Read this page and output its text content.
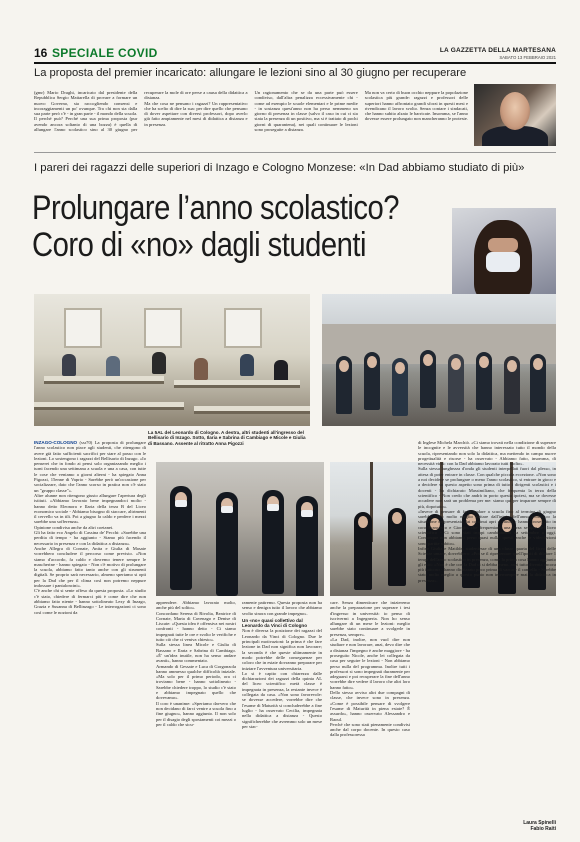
16 SPECIALE COVID	LA GAZZETTA DELLA MARTESANA
SABATO 13 FEBBRAIO 2021
La proposta del premier incaricato: allungare le lezioni sino al 30 giugno per recuperare

(gmr) Mario Draghi, incaricato dal presidente della Repubblica Sergio Mattarella di provare a formare un nuovo Governo, sta raccogliendo consensi e incoraggiamenti un po' ovunque. Tra chi non sta dalla sua parte però c'è - in gran parte - il mondo della scuola. Il perché può? Perché una sua prima proposta (pur avendo ancora soltanto di una bozza) è quella di allungare l'anno scolastico sino al 30 giugno per recuperare la mole di ore perse a causa della didattica a distanza.

Ma che cosa ne pensano i ragazzi? Un rappresentativo che ha scelto di dire la sua: per dire quello che pensano di dover aspettare con diversi professori, dopo averlo già fatto ampiamente nel mesi di didattica a distanza e in presenza.

Un ragionamento che se da una parte può essere condiviso, dall'altra penalizza eccessivamente chi - come ad esempio le scuole elementari e le prime medie - in sostanza quest'anno non ha perso nemmeno un giorno di presenza in classe (salvo il caso in cui ci sia stata la presenza di un positivo, ma si è trattato di pochi giorni di quarantena), nei quali continuare le lezioni sono proseguite a distanza.

Ma non va certo di buon occhio neppure la popolazione scolastica più grande: ragazzi e professori delle superiori hanno affrontato grandi sforzi in questi mesi e rivendicano il lavoro svolto. Senza contare i sindacati, che hanno subito alzato le barricate. Insomma, se l'anno dovesse essere prolungato non mancheranno le proteste.

I pareri dei ragazzi delle superiori di Inzago e Cologno Monzese: «In Dad abbiamo studiato di più»
Prolungare l’anno scolastico?
Coro di «no» dagli studenti
La 5AL del Leonardo di Cologno. A destra, altri studenti all'ingresso del Bellisario di Inzago. Sotto, Ilaria e Sabrina di Cambiago e Micole e Giulia di Bassano. Assente al ritratto Anna Pigozzi

INZAGO-COLOGNO (ssr70) La proposta di prolungare l'anno scolastico non piace agli studenti, che ritengono di avere già fatto sufficienti sacrifici per stare al passo con le lezioni. Lo sostengono i ragazzi del Bellisario di Inzago. «Io penserei che in fondo ai pensi solo organizzando meglio i turni facendo una settimana a scuola e una a casa, con tutte le cose che veniamo a giorni alterni - ha spiegato Anna Pigozzi, 15enne di Vaprio - Sarebbe però un'occasione per socializzare, dato che l'anno scorso in pratica non c'è stato un "gruppo classe"».

Altre alunne non ritengono giusto allungare l'apertura degli istituti. «Abbiamo lavorato bene impegnandoci molto - hanno detto Eleonora e Ilaria della terza B del Liceo economico sociale - Abbiamo bisogno di staccare, altrimenti il cervello va in tilt. Poi a giugno fa caldo e perdere i mezzi sarebbe una sofferenza».

Opinione condivisa anche da altri coetanei.

Gli ha fatto eco Angelo di Cassina de' Pecchi: «Sarebbe una perdita di tempo - ha aggiunto - Siamo più facendo il necessario in presenza e con la didattica a distanza».

Anche Allegra di Cornate, Anita e Giulia di Masate vorrebbero concludere il percorso come previsto. «Non siamo d'accordo, fa caldo e dovremo tenere sempre le mascherine - hanno spiegato - Non c'è motivo di prolungare la scuola, abbiamo fatto tanto anche con gli strumenti digitali. Se proprio sarà necessario, almeno speriamo si opti per la Dad che per il clima così non potremo neppure indossare i pantaloncini».

C'è anche chi si sente offeso da questa proposta. «Lo studio c'è stato, chiedere di fermarci più è come dire che non abbiamo fatto niente - hanno sottolineato Lexy di Inzago, Grazia e Susanna di Bellinzago - Le interrogazioni ci sono così come le nozioni da

apprendere. Abbiamo lavorato molto, anche più del solito».

Concordano Serena di Rivolta, Beatrice di Cornate, Marta di Cavenago e Denise di Liscate: «Questa idea è offensiva nei nostri confronti - hanno detto - Ci siamo impegnati tutte le ore e svolto le verifiche e tutto ciò che ci veniva chiesto».

Sulla stessa linea Micole e Giulia di Bassano e Ilaria e Sabrina di Cambiago. «È' un'idea inutile, non ha senso andare avanti», hanno commentato.

Armando di Gessate e Luca di Gorgonzola hanno ammesso qualche difficoltà iniziale. «Ma solo per il primo periodo, ora ci troviamo bene - hanno sottolineato - Sarebbe chiedere troppo, lo studio c'è stato e abbiamo impegnato quello che dovevamo».

Il coro è unanime: «Speriamo davvero che non decidano di farci venire a scuola fino a fine giugno», hanno aggiunto. Il non solo per il disagio degli spostamenti coi mezzi o per il caldo che sicu-

ramente patiremo. Questa proposta non ha senso e denigra tutto il lavoro che abbiamo svolto sinora con grande impegno».

Un «no» quasi collettivo dal Leonardo da Vinci di Cologno

Non è diversa la posizione dei ragazzi del Leonardo da Vinci di Cologno. Due le principali motivazioni: la prima è che fare lezione in Dad non significa non lavorare; la seconda è che queste ultimamente in modo potrebbe delle conseguenze per coloro che in estate dovranno preparare per iniziare l'avventura universitaria.

Lo si è capito con chiarezza dalle dichiarazioni dei ragazzi della quinta AL del liceo scientifico metà classe è impegnata in presenza, la restante invece è collegata da casa. «Non sono favorevole: se dovesse accedere, vorrebbe dire che l'esame di Maturità si concluderebbe a fine luglio - ha osservato Cecilia, impegnata nella didattica a distanza - Questo significherebbe che avremmo solo un mese per stac-

care. Senza dimenticare che inizieremo anche la preparazione per superare i test d'ingresso in università: io penso di iscrivermi a Ingegneria. Non ho senso allungare di un mese le lezioni: meglio sarebbe stato continuare a svolgerle in presenza, sempre».

«La Dad, inoltre, non vuol dire non studiare e non lavorare, anzi, devo dire che a distanza l'impegno è anche maggiore - ha proseguito Nicole, anche lei collegata da casa per seguire le lezioni - Non abbiamo perso nulla del programma. Inoltre tutti i professori si sono impegnati duramente per adeguarsi e poi recuperare la fine dell'anno vorrebbe dire vedere il lavoro che altri loro hanno fatto».

Dello stesso avviso altri due compagni di classe, che invece sono in presenza. «Come è possibile pensare di svolgere l'esame di Maturità in piena estate? È assurdo», hanno osservato Alessandro e Raoul.

Perché che sono stati pienamente condivisi anche dal corpo docente. In questo caso dalla professoressa

di Inglese Michela Marchiò. «Ci siamo trovati nella condizione di superare le incognite e le avversità che hanno interessato tutto il mondo della scuola, ripresentando non solo la didattica, ma mettendo in campo nuove progettualità e risorse - ha osservato - Abbiamo fatto, insomma, di necessità virtù: con la Dad abbiamo lavorato tutti molto».

Sulla stessa lunghezza d'onda gli studenti interpellati fuori dal plesso, in attesa di poter entrare in classe. Con qualche piccola eccezione. «Non sono a noi decidere se prolungare o meno l'anno scolastico, si entrare in gioco e a decidere su questo aspetto sono prima di tutto i dirigenti scolastici e i docenti - ha dichiarato Massimiliano, che frequenta la terza della scientifico - Non credo che andrà in porto questa ipotesi, ma se dovesse accadere non sarà un problema per me: siamo qui per imparare sempre di più, dopotutto».

«Invece di pensare di farci andare a scuola fino al termine di giugno sarebbe stato molto meglio evitare dall'inizio dell'anno scolastico la situazione rappresentata dai continui apri e chiudi - hanno proseguito in coro Francesco e Giorgio, che frequentano una terza sempre del liceo scientifico - Ci sono stati troppi cambiamenti da settembre a oggi. Comunque non abbiamo perso quasi nulla: questi anche le videolezioni sono partite subito».

Infine Giulia e Matilde, studentesse di una classe quarta del liceo delle Scienze umane, dovrebbero: «Poi se il ripresentare quell'iposti di dilatare 1 tempi dell'anno scolastico in presenza, come la prima cosa hanno aggiunto gli esiti: «Non è che con la Dad ci si debba meno, anzi tutto diventa ancora più faticoso - hanno dichiarato poco prima di varcare il cancello - Sarebbe stato molto meglio a questo punto non interrompere mai la didattica in presenza».

Laura Spinelli
Fabio Raiti
